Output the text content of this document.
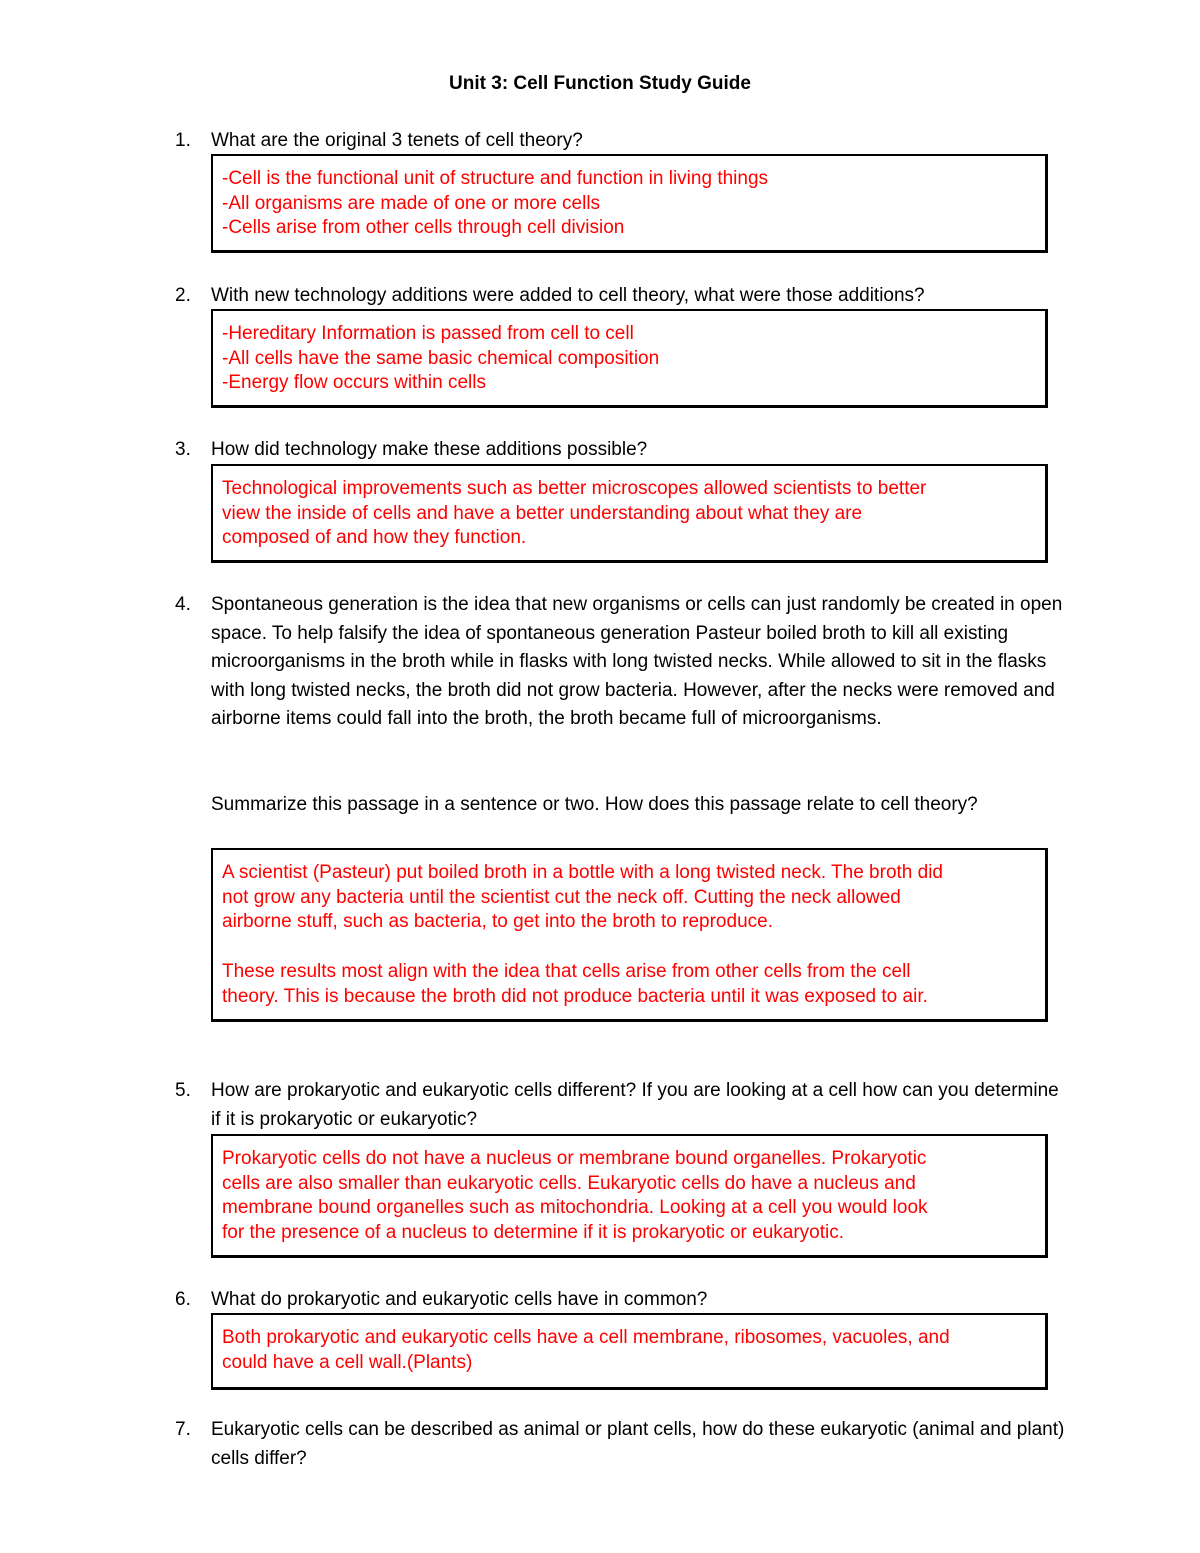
Unit 3: Cell Function Study Guide
1. What are the original 3 tenets of cell theory?
-Cell is the functional unit of structure and function in living things
-All organisms are made of one or more cells
-Cells arise from other cells through cell division
2. With new technology additions were added to cell theory, what were those additions?
-Hereditary Information is passed from cell to cell
-All cells have the same basic chemical composition
-Energy flow occurs within cells
3. How did technology make these additions possible?
Technological improvements such as better microscopes allowed scientists to better
view the inside of cells and have a better understanding about what they are
composed of and how they function.
4. Spontaneous generation is the idea that new organisms or cells can just randomly be created in open space. To help falsify the idea of spontaneous generation Pasteur boiled broth to kill all existing microorganisms in the broth while in flasks with long twisted necks. While allowed to sit in the flasks with long twisted necks, the broth did not grow bacteria. However, after the necks were removed and airborne items could fall into the broth, the broth became full of microorganisms.
Summarize this passage in a sentence or two. How does this passage relate to cell theory?
A scientist (Pasteur) put boiled broth in a bottle with a long twisted neck. The broth did
not grow any bacteria until the scientist cut the neck off. Cutting the neck allowed
airborne stuff, such as bacteria, to get into the broth to reproduce.
These results most align with the idea that cells arise from other cells from the cell
theory. This is because the broth did not produce bacteria until it was exposed to air.
5. How are prokaryotic and eukaryotic cells different? If you are looking at a cell how can you determine if it is prokaryotic or eukaryotic?
Prokaryotic cells do not have a nucleus or membrane bound organelles. Prokaryotic
cells are also smaller than eukaryotic cells. Eukaryotic cells do have a nucleus and
membrane bound organelles such as mitochondria. Looking at a cell you would look
for the presence of a nucleus to determine if it is prokaryotic or eukaryotic.
6. What do prokaryotic and eukaryotic cells have in common?
Both prokaryotic and eukaryotic cells have a cell membrane, ribosomes, vacuoles, and
could have a cell wall.(Plants)
7. Eukaryotic cells can be described as animal or plant cells, how do these eukaryotic (animal and plant) cells differ?
